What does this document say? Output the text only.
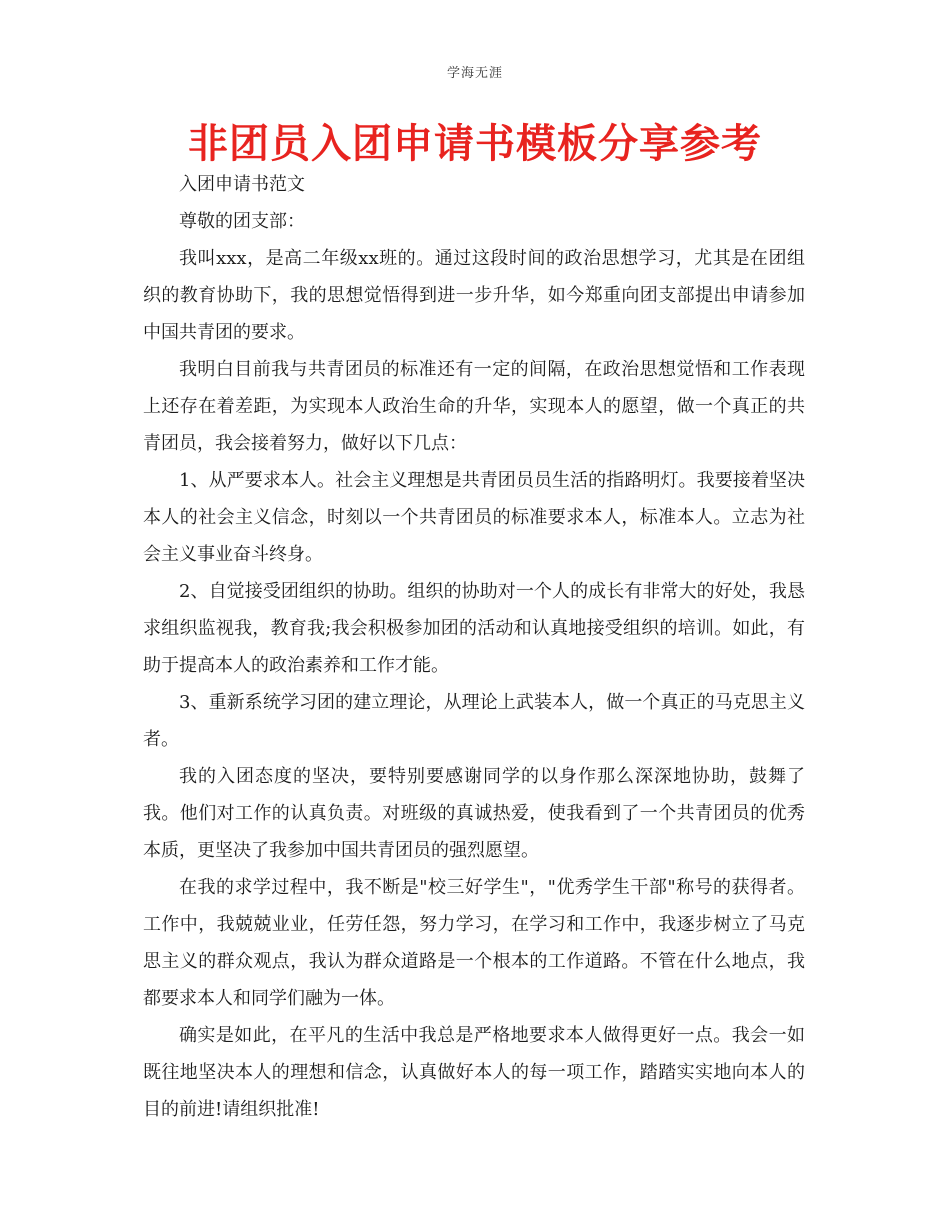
学海无涯
非团员入团申请书模板分享参考

入团申请书范文

尊敬的团支部：

我叫xxx，是高二年级xx班的。通过这段时间的政治思想学习，尤其是在团组织的教育协助下，我的思想觉悟得到进一步升华，如今郑重向团支部提出申请参加中国共青团的要求。

我明白目前我与共青团员的标准还有一定的间隔，在政治思想觉悟和工作表现上还存在着差距，为实现本人政治生命的升华，实现本人的愿望，做一个真正的共青团员，我会接着努力，做好以下几点：

1、从严要求本人。社会主义理想是共青团员员生活的指路明灯。我要接着坚决本人的社会主义信念，时刻以一个共青团员的标准要求本人，标准本人。立志为社会主义事业奋斗终身。

2、自觉接受团组织的协助。组织的协助对一个人的成长有非常大的好处，我恳求组织监视我，教育我;我会积极参加团的活动和认真地接受组织的培训。如此，有助于提高本人的政治素养和工作才能。

3、重新系统学习团的建立理论，从理论上武装本人，做一个真正的马克思主义者。

我的入团态度的坚决，要特别要感谢同学的以身作那么深深地协助，鼓舞了我。他们对工作的认真负责。对班级的真诚热爱，使我看到了一个共青团员的优秀本质，更坚决了我参加中国共青团员的强烈愿望。

在我的求学过程中，我不断是"校三好学生"，"优秀学生干部"称号的获得者。工作中，我兢兢业业，任劳任怨，努力学习，在学习和工作中，我逐步树立了马克思主义的群众观点，我认为群众道路是一个根本的工作道路。不管在什么地点，我都要求本人和同学们融为一体。

确实是如此，在平凡的生活中我总是严格地要求本人做得更好一点。我会一如既往地坚决本人的理想和信念，认真做好本人的每一项工作，踏踏实实地向本人的目的前进!请组织批准!
